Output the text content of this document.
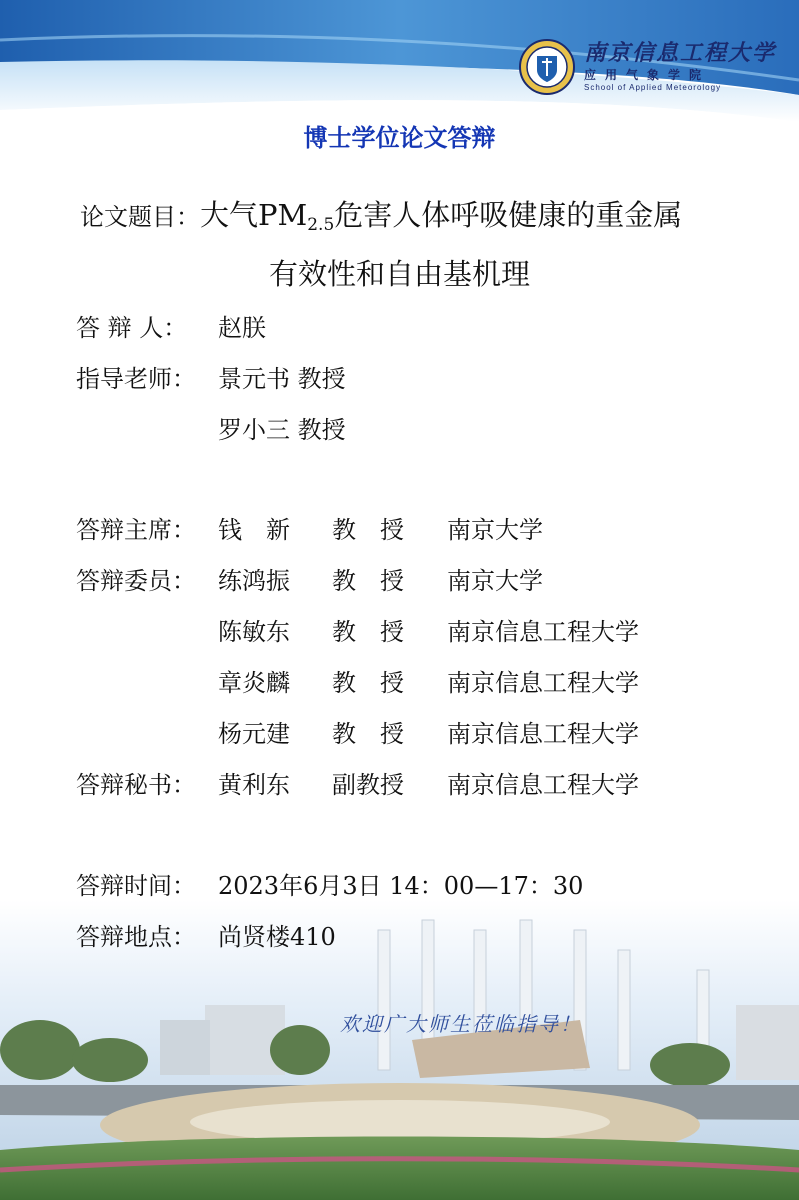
南京信息工程大学
应用气象学院
School of Applied Meteorology
博士学位论文答辩
论文题目：大气$PM_{2.5}$危害人体呼吸健康的重金属
有效性和自由基机理
答 辩 人： 赵朕
指导老师： 景元书 教授
罗小三 教授
答辩主席： 钱　新 教　授 南京大学
答辩委员： 练鸿振 教　授 南京大学
陈敏东 教　授 南京信息工程大学
章炎麟 教　授 南京信息工程大学
杨元建 教　授 南京信息工程大学
答辩秘书： 黄利东 副教授 南京信息工程大学
答辩时间： 2023年6月3日 14：00—17：30
答辩地点： 尚贤楼410
欢迎广大师生莅临指导！
